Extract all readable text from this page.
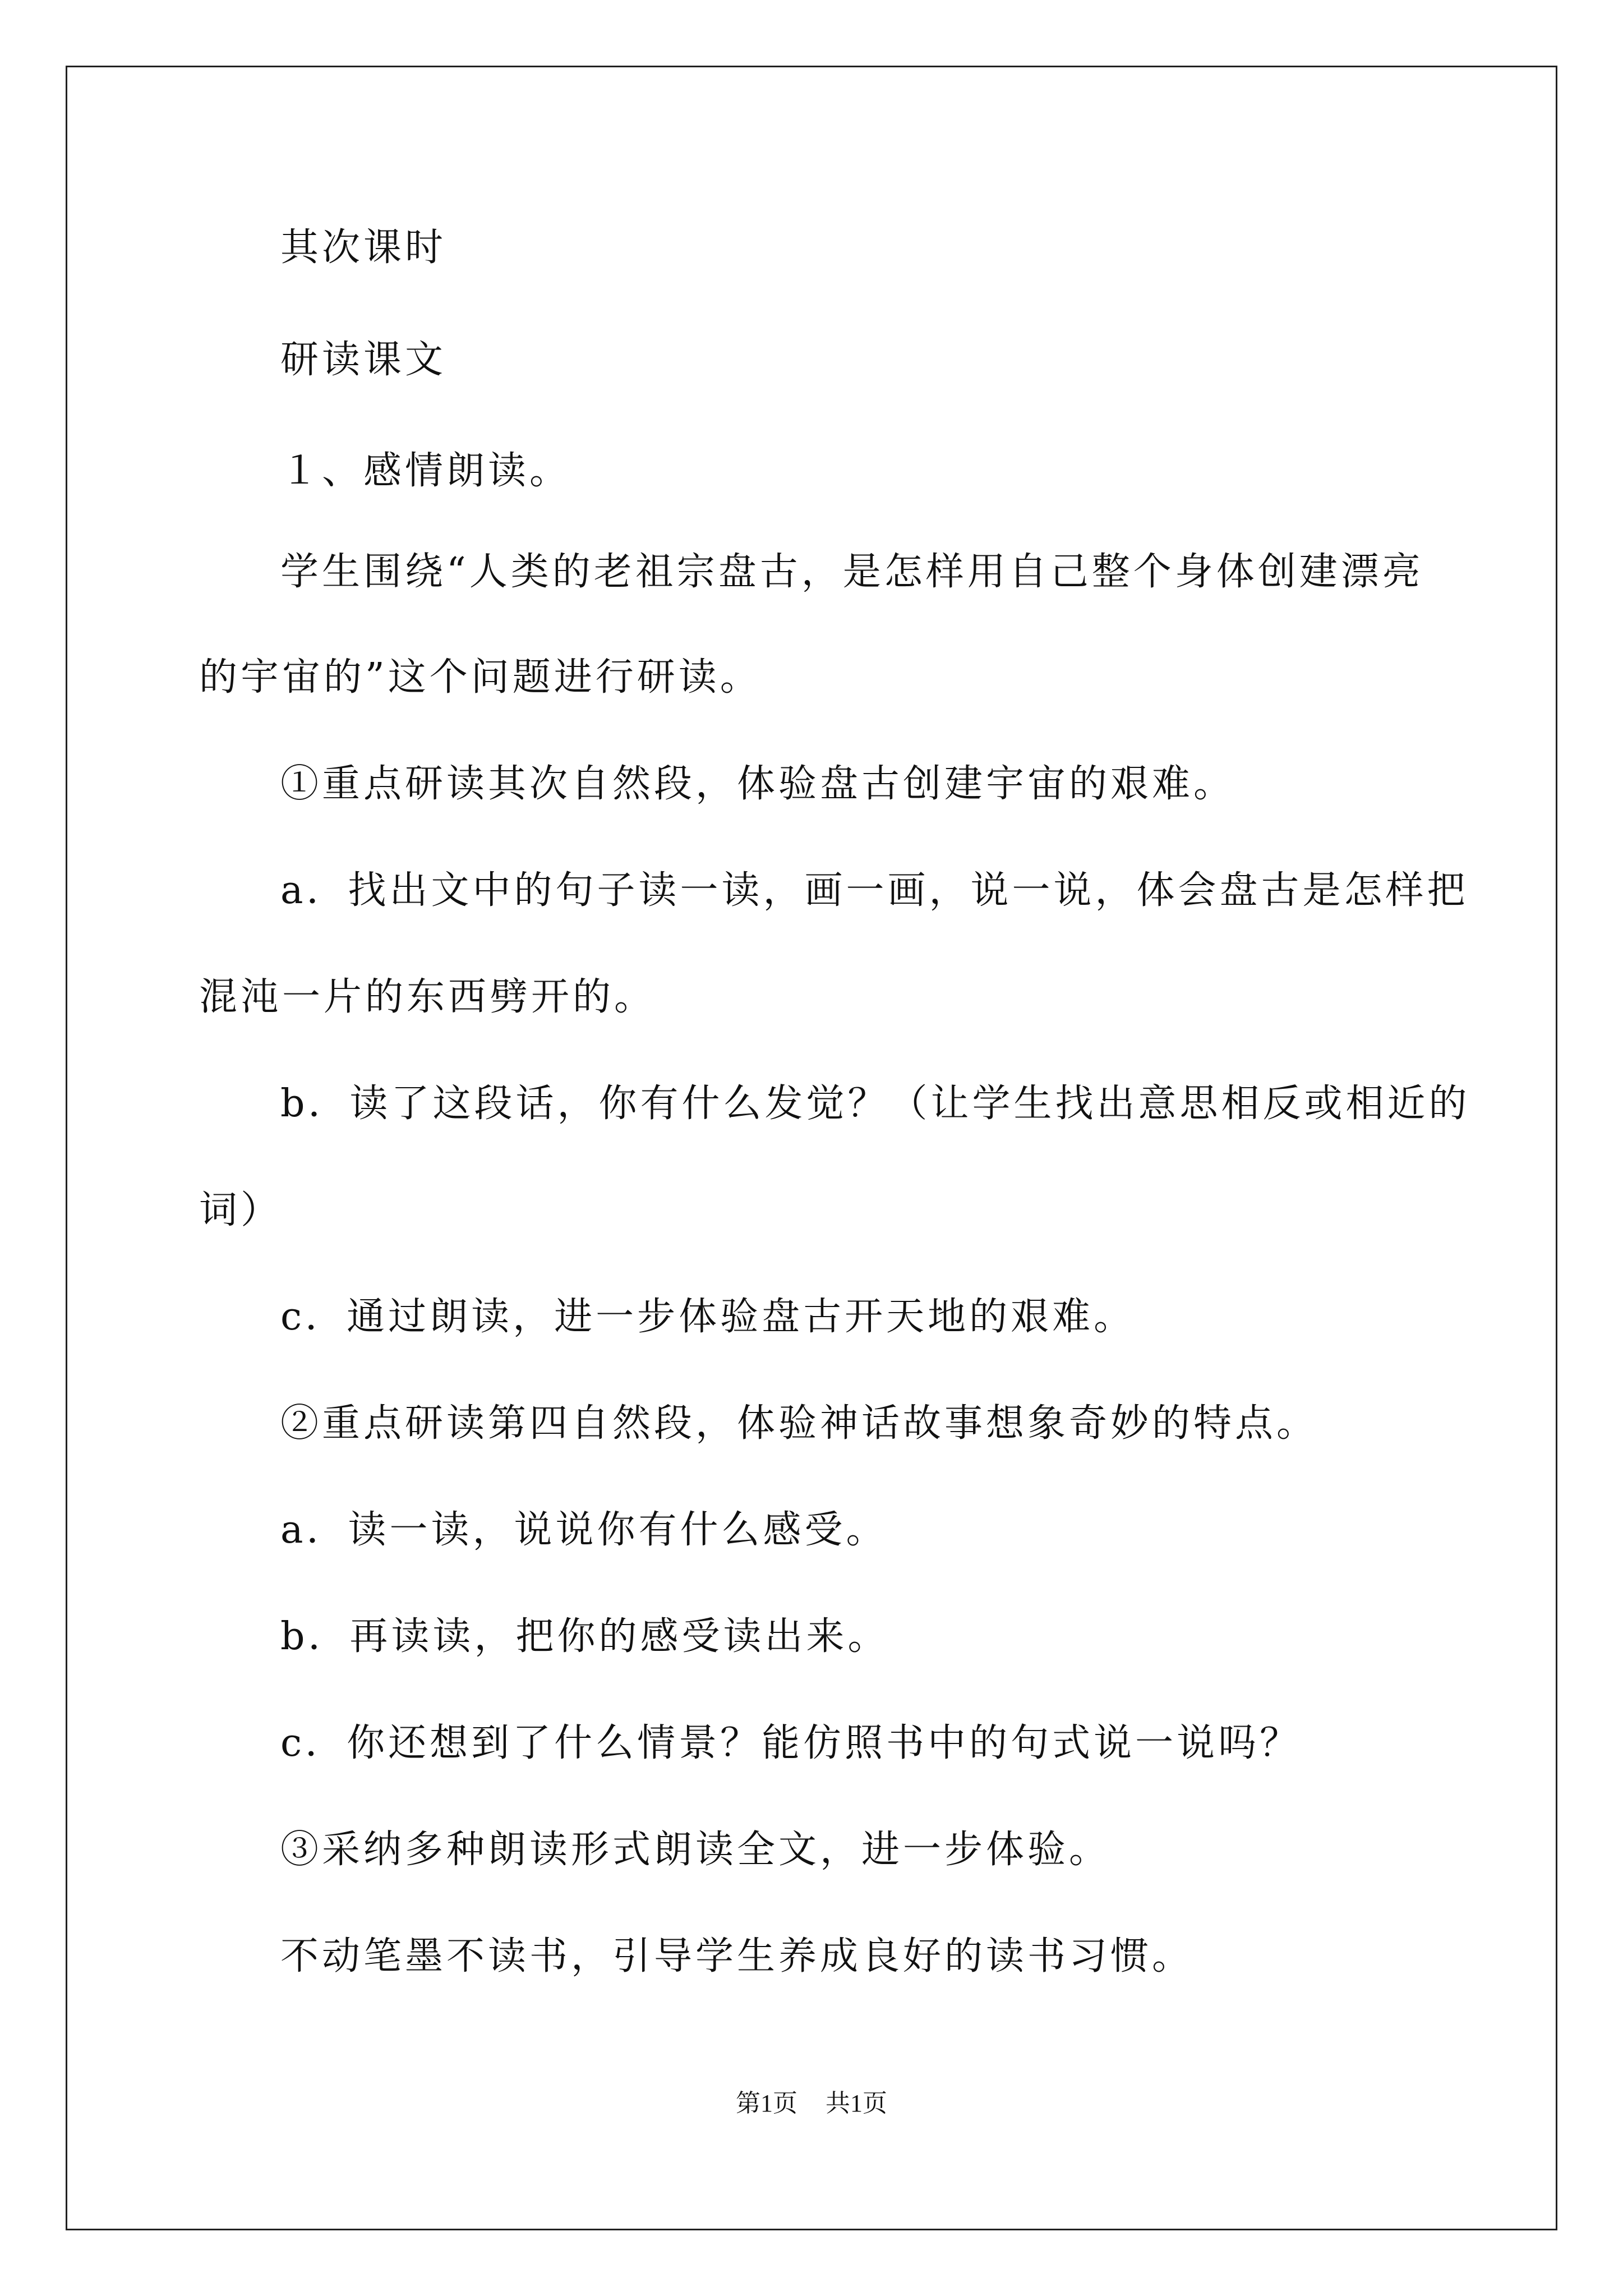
其次课时
研读课文
１、感情朗读。
学生围绕“人类的老祖宗盘古，是怎样用自己整个身体创建漂亮
的宇宙的”这个问题进行研读。
①重点研读其次自然段，体验盘古创建宇宙的艰难。
a．找出文中的句子读一读，画一画，说一说，体会盘古是怎样把
混沌一片的东西劈开的。
b．读了这段话，你有什么发觉？（让学生找出意思相反或相近的
词）
c．通过朗读，进一步体验盘古开天地的艰难。
②重点研读第四自然段，体验神话故事想象奇妙的特点。
a．读一读，说说你有什么感受。
b．再读读，把你的感受读出来。
c．你还想到了什么情景？能仿照书中的句式说一说吗？
③采纳多种朗读形式朗读全文，进一步体验。
不动笔墨不读书，引导学生养成良好的读书习惯。
第1页 共1页
